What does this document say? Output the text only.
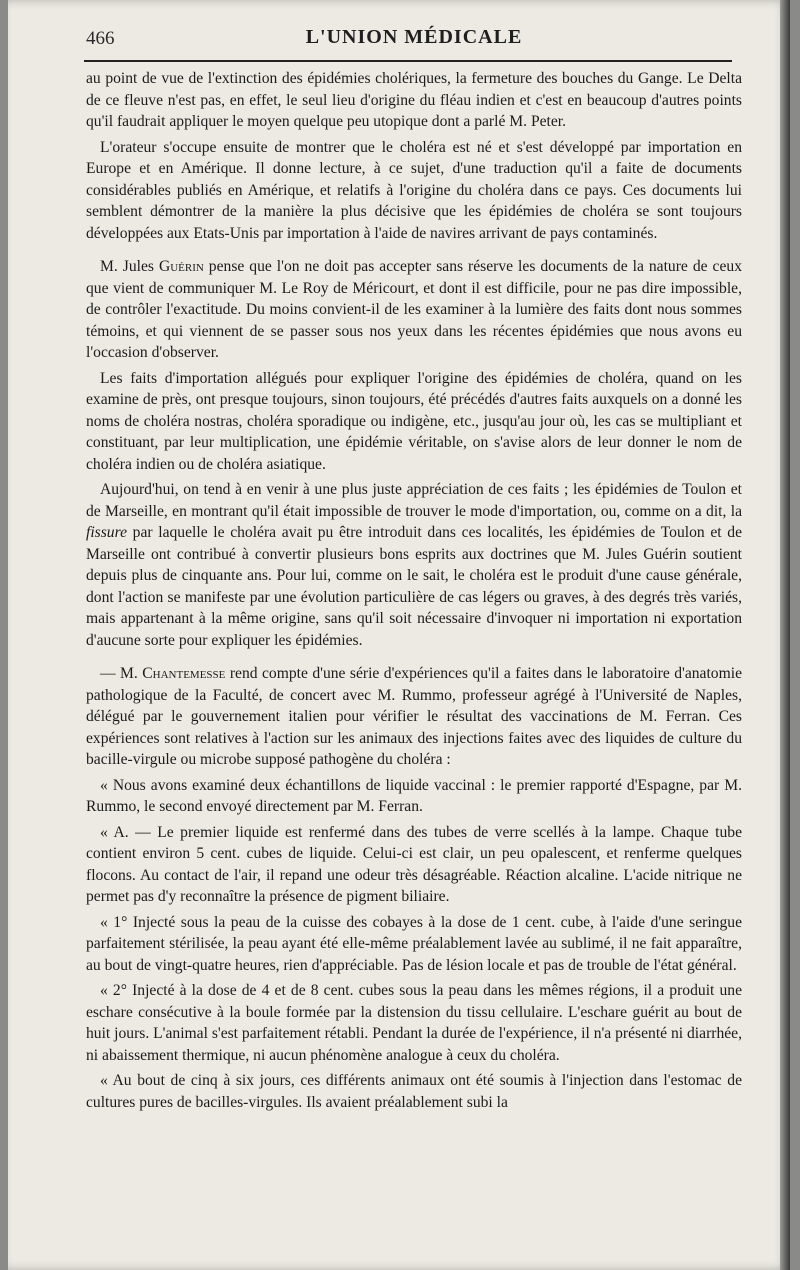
466	L'UNION MÉDICALE

au point de vue de l'extinction des épidémies cholériques, la fermeture des bouches du Gange. Le Delta de ce fleuve n'est pas, en effet, le seul lieu d'origine du fléau indien et c'est en beaucoup d'autres points qu'il faudrait appliquer le moyen quelque peu utopique dont a parlé M. Peter.

L'orateur s'occupe ensuite de montrer que le choléra est né et s'est développé par importation en Europe et en Amérique. Il donne lecture, à ce sujet, d'une traduction qu'il a faite de documents considérables publiés en Amérique, et relatifs à l'origine du choléra dans ce pays. Ces documents lui semblent démontrer de la manière la plus décisive que les épidémies de choléra se sont toujours développées aux Etats-Unis par importation à l'aide de navires arrivant de pays contaminés.

M. Jules Guérin pense que l'on ne doit pas accepter sans réserve les documents de la nature de ceux que vient de communiquer M. Le Roy de Méricourt, et dont il est difficile, pour ne pas dire impossible, de contrôler l'exactitude. Du moins convient-il de les examiner à la lumière des faits dont nous sommes témoins, et qui viennent de se passer sous nos yeux dans les récentes épidémies que nous avons eu l'occasion d'observer.

Les faits d'importation allégués pour expliquer l'origine des épidémies de choléra, quand on les examine de près, ont presque toujours, sinon toujours, été précédés d'autres faits auxquels on a donné les noms de choléra nostras, choléra sporadique ou indigène, etc., jusqu'au jour où, les cas se multipliant et constituant, par leur multiplication, une épidémie véritable, on s'avise alors de leur donner le nom de choléra indien ou de choléra asiatique.

Aujourd'hui, on tend à en venir à une plus juste appréciation de ces faits ; les épidémies de Toulon et de Marseille, en montrant qu'il était impossible de trouver le mode d'importation, ou, comme on a dit, la fissure par laquelle le choléra avait pu être introduit dans ces localités, les épidémies de Toulon et de Marseille ont contribué à convertir plusieurs bons esprits aux doctrines que M. Jules Guérin soutient depuis plus de cinquante ans. Pour lui, comme on le sait, le choléra est le produit d'une cause générale, dont l'action se manifeste par une évolution particulière de cas légers ou graves, à des degrés très variés, mais appartenant à la même origine, sans qu'il soit nécessaire d'invoquer ni importation ni exportation d'aucune sorte pour expliquer les épidémies.

— M. Chantemesse rend compte d'une série d'expériences qu'il a faites dans le laboratoire d'anatomie pathologique de la Faculté, de concert avec M. Rummo, professeur agrégé à l'Université de Naples, délégué par le gouvernement italien pour vérifier le résultat des vaccinations de M. Ferran. Ces expériences sont relatives à l'action sur les animaux des injections faites avec des liquides de culture du bacille-virgule ou microbe supposé pathogène du choléra :

« Nous avons examiné deux échantillons de liquide vaccinal : le premier rapporté d'Espagne, par M. Rummo, le second envoyé directement par M. Ferran.

« A. — Le premier liquide est renfermé dans des tubes de verre scellés à la lampe. Chaque tube contient environ 5 cent. cubes de liquide. Celui-ci est clair, un peu opalescent, et renferme quelques flocons. Au contact de l'air, il repand une odeur très désagréable. Réaction alcaline. L'acide nitrique ne permet pas d'y reconnaître la présence de pigment biliaire.

« 1° Injecté sous la peau de la cuisse des cobayes à la dose de 1 cent. cube, à l'aide d'une seringue parfaitement stérilisée, la peau ayant été elle-même préalablement lavée au sublimé, il ne fait apparaître, au bout de vingt-quatre heures, rien d'appréciable. Pas de lésion locale et pas de trouble de l'état général.

« 2° Injecté à la dose de 4 et de 8 cent. cubes sous la peau dans les mêmes régions, il a produit une eschare consécutive à la boule formée par la distension du tissu cellulaire. L'eschare guérit au bout de huit jours. L'animal s'est parfaitement rétabli. Pendant la durée de l'expérience, il n'a présenté ni diarrhée, ni abaissement thermique, ni aucun phénomène analogue à ceux du choléra.

« Au bout de cinq à six jours, ces différents animaux ont été soumis à l'injection dans l'estomac de cultures pures de bacilles-virgules. Ils avaient préalablement subi la
